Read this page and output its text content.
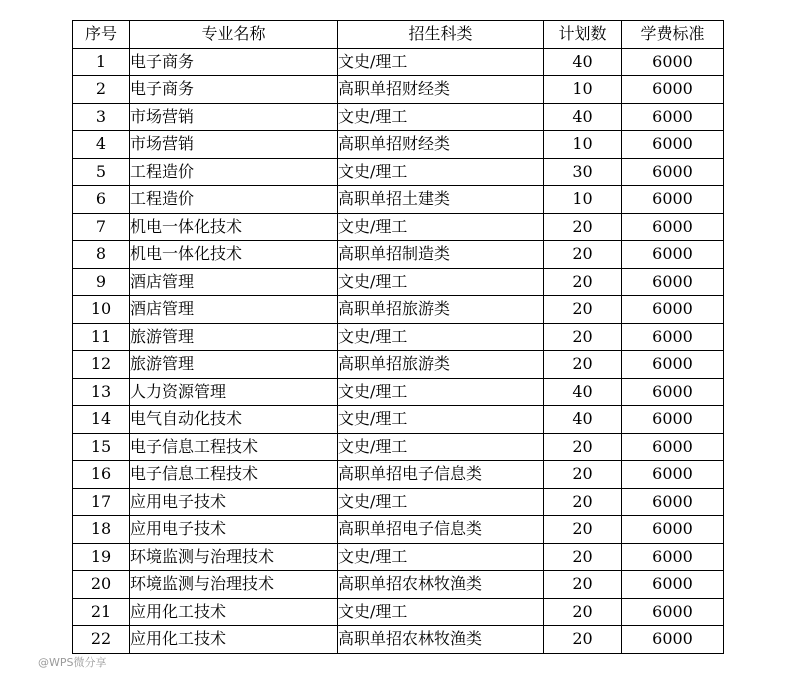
序号	专业名称	招生科类	计划数	学费标准
1	电子商务	文史/理工	40	6000
2	电子商务	高职单招财经类	10	6000
3	市场营销	文史/理工	40	6000
4	市场营销	高职单招财经类	10	6000
5	工程造价	文史/理工	30	6000
6	工程造价	高职单招土建类	10	6000
7	机电一体化技术	文史/理工	20	6000
8	机电一体化技术	高职单招制造类	20	6000
9	酒店管理	文史/理工	20	6000
10	酒店管理	高职单招旅游类	20	6000
11	旅游管理	文史/理工	20	6000
12	旅游管理	高职单招旅游类	20	6000
13	人力资源管理	文史/理工	40	6000
14	电气自动化技术	文史/理工	40	6000
15	电子信息工程技术	文史/理工	20	6000
16	电子信息工程技术	高职单招电子信息类	20	6000
17	应用电子技术	文史/理工	20	6000
18	应用电子技术	高职单招电子信息类	20	6000
19	环境监测与治理技术	文史/理工	20	6000
20	环境监测与治理技术	高职单招农林牧渔类	20	6000
21	应用化工技术	文史/理工	20	6000
22	应用化工技术	高职单招农林牧渔类	20	6000
@WPS微分享
